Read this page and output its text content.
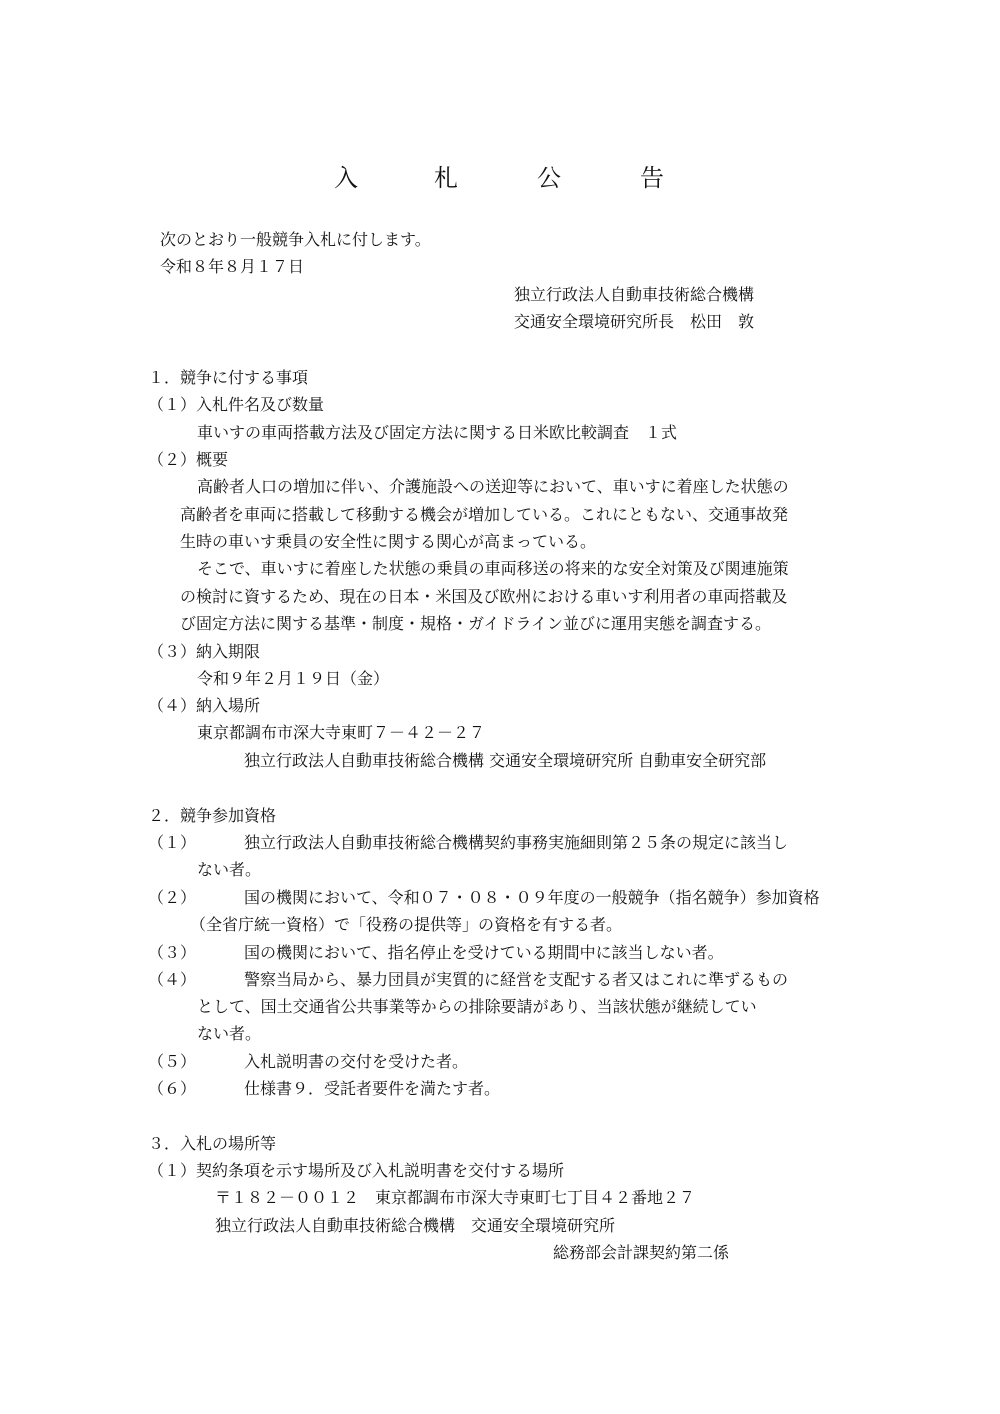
入	札	公	告
次のとおり一般競争入札に付します。
令和８年８月１７日
独立行政法人自動車技術総合機構
交通安全環境研究所長　松田　敦
１．競争に付する事項
（１）入札件名及び数量
車いすの車両搭載方法及び固定方法に関する日米欧比較調査　１式
（２）概要
高齢者人口の増加に伴い、介護施設への送迎等において、車いすに着座した状態の
高齢者を車両に搭載して移動する機会が増加している。これにともない、交通事故発
生時の車いす乗員の安全性に関する関心が高まっている。
そこで、車いすに着座した状態の乗員の車両移送の将来的な安全対策及び関連施策
の検討に資するため、現在の日本・米国及び欧州における車いす利用者の車両搭載及
び固定方法に関する基準・制度・規格・ガイドライン並びに運用実態を調査する。
（３）納入期限
令和９年２月１９日（金）
（４）納入場所
東京都調布市深大寺東町７－４２－２７
独立行政法人自動車技術総合機構 交通安全環境研究所 自動車安全研究部
２．競争参加資格
（１）	独立行政法人自動車技術総合機構契約事務実施細則第２５条の規定に該当し
ない者。
（２）	国の機関において、令和０７・０８・０９年度の一般競争（指名競争）参加資格
（全省庁統一資格）で「役務の提供等」の資格を有する者。
（３）	国の機関において、指名停止を受けている期間中に該当しない者。
（４）	警察当局から、暴力団員が実質的に経営を支配する者又はこれに準ずるもの
として、国土交通省公共事業等からの排除要請があり、当該状態が継続してい
ない者。
（５）	入札説明書の交付を受けた者。
（６）	仕様書９．受託者要件を満たす者。
３．入札の場所等
（１）契約条項を示す場所及び入札説明書を交付する場所
〒１８２－００１２　東京都調布市深大寺東町七丁目４２番地２７
独立行政法人自動車技術総合機構　交通安全環境研究所
総務部会計課契約第二係
